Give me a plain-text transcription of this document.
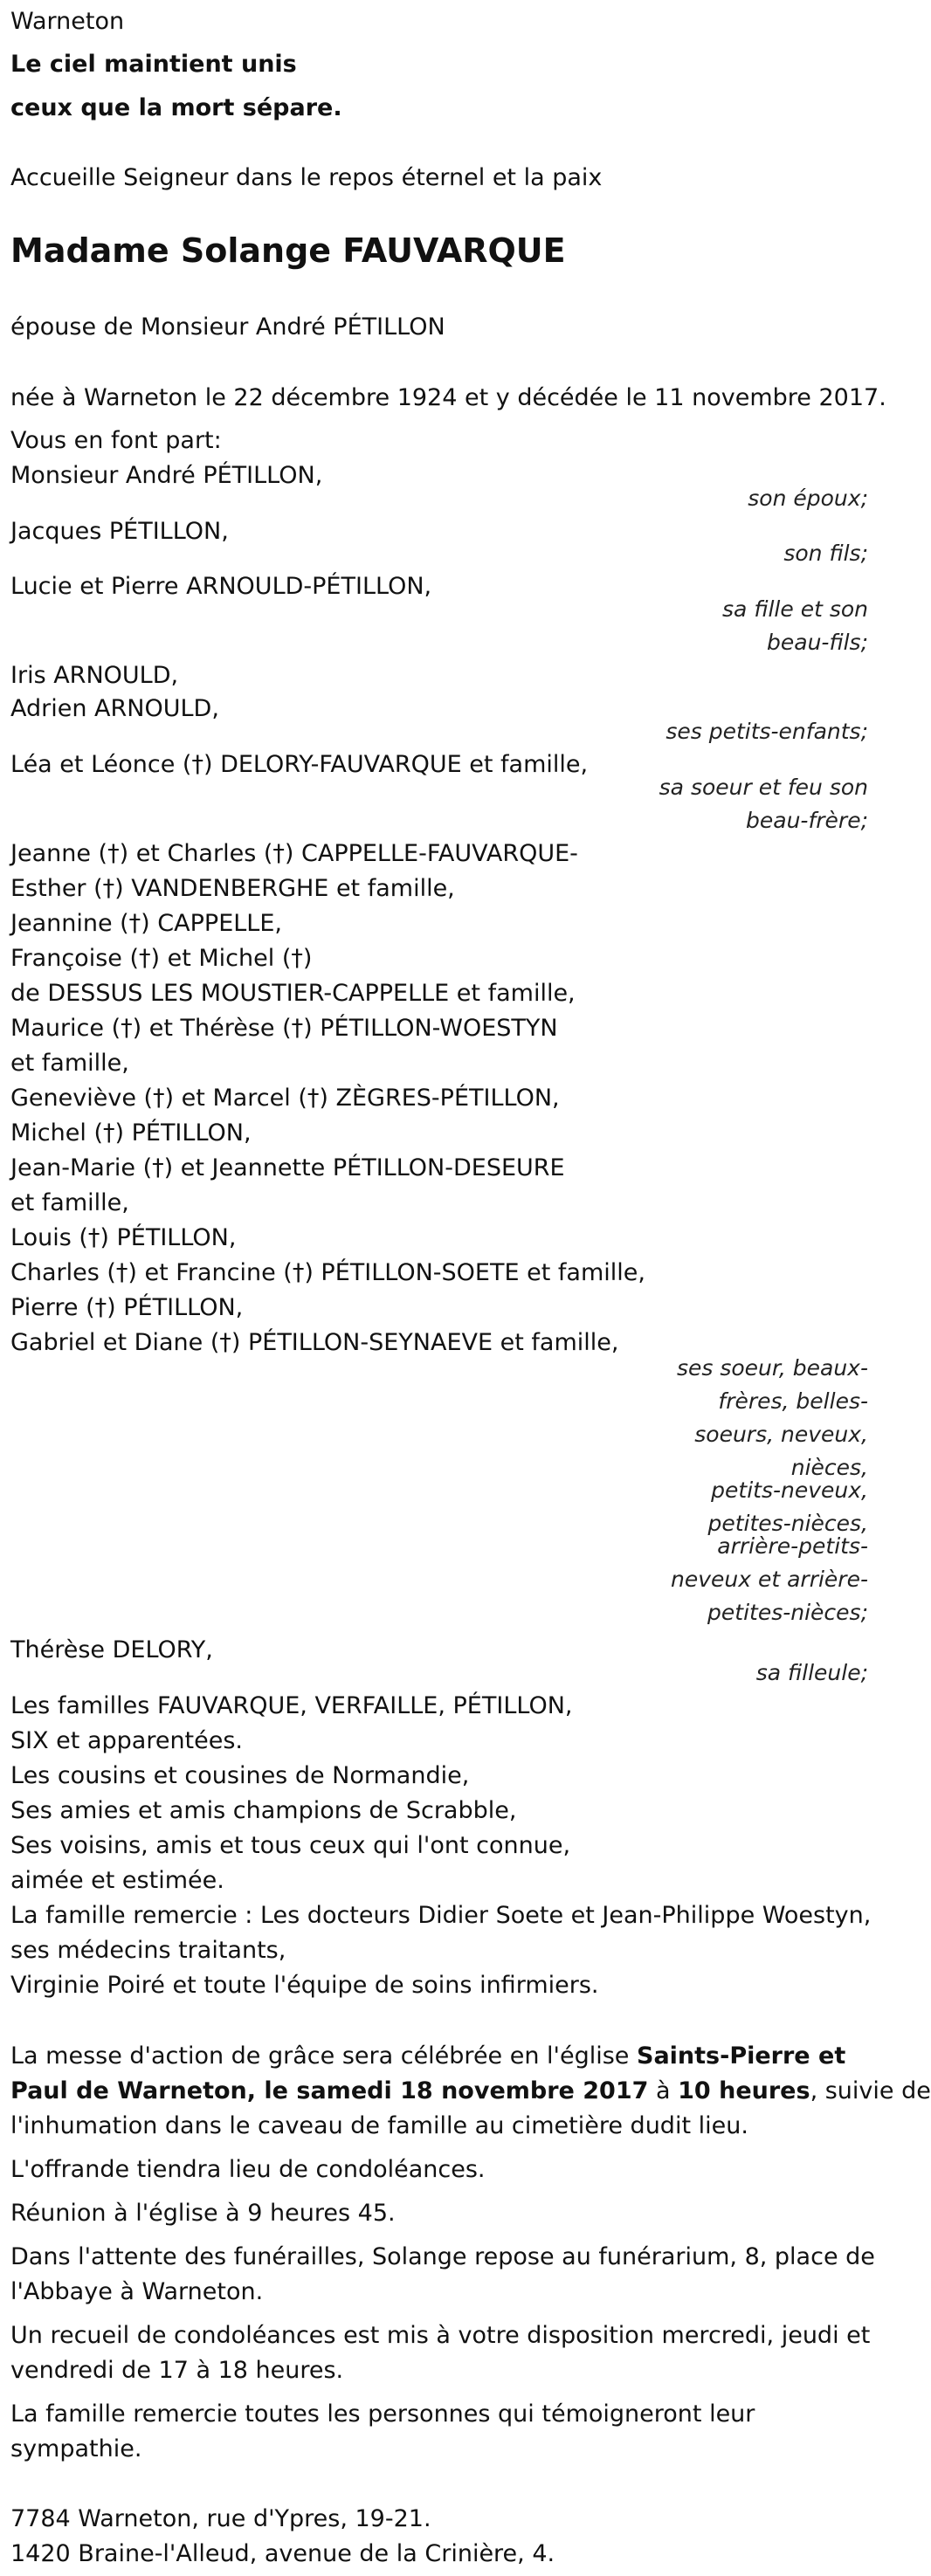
Warneton
Le ciel maintient unis
ceux que la mort sépare.
Accueille Seigneur dans le repos éternel et la paix
Madame Solange FAUVARQUE
épouse de Monsieur André PÉTILLON
née à Warneton le 22 décembre 1924 et y décédée le 11 novembre 2017.
Vous en font part:
Monsieur André PÉTILLON,
son époux;
Jacques PÉTILLON,
son fils;
Lucie et Pierre ARNOULD-PÉTILLON,
sa fille et son
beau-fils;
Iris ARNOULD,
Adrien ARNOULD,
ses petits-enfants;
Léa et Léonce (†) DELORY-FAUVARQUE et famille,
sa soeur et feu son
beau-frère;
Jeanne (†) et Charles (†) CAPPELLE-FAUVARQUE-
Esther (†) VANDENBERGHE et famille,
Jeannine (†) CAPPELLE,
Françoise (†) et Michel (†)
de DESSUS LES MOUSTIER-CAPPELLE et famille,
Maurice (†) et Thérèse (†) PÉTILLON-WOESTYN
et famille,
Geneviève (†) et Marcel (†) ZÈGRES-PÉTILLON,
Michel (†) PÉTILLON,
Jean-Marie (†) et Jeannette PÉTILLON-DESEURE
et famille,
Louis (†) PÉTILLON,
Charles (†) et Francine (†) PÉTILLON-SOETE et famille,
Pierre (†) PÉTILLON,
Gabriel et Diane (†) PÉTILLON-SEYNAEVE et famille,
ses soeur, beaux-
frères, belles-
soeurs, neveux,
nièces,
petits-neveux,
petites-nièces,
arrière-petits-
neveux et arrière-
petites-nièces;
Thérèse DELORY,
sa filleule;
Les familles FAUVARQUE, VERFAILLE, PÉTILLON,
SIX et apparentées.
Les cousins et cousines de Normandie,
Ses amies et amis champions de Scrabble,
Ses voisins, amis et tous ceux qui l'ont connue,
aimée et estimée.
La famille remercie : Les docteurs Didier Soete et Jean-Philippe Woestyn,
ses médecins traitants,
Virginie Poiré et toute l'équipe de soins infirmiers.
La messe d'action de grâce sera célébrée en l'église Saints-Pierre et
Paul de Warneton, le samedi 18 novembre 2017 à 10 heures, suivie de
l'inhumation dans le caveau de famille au cimetière dudit lieu.
L'offrande tiendra lieu de condoléances.
Réunion à l'église à 9 heures 45.
Dans l'attente des funérailles, Solange repose au funérarium, 8, place de
l'Abbaye à Warneton.
Un recueil de condoléances est mis à votre disposition mercredi, jeudi et
vendredi de 17 à 18 heures.
La famille remercie toutes les personnes qui témoigneront leur
sympathie.
7784 Warneton, rue d'Ypres, 19-21.
1420 Braine-l'Alleud, avenue de la Crinière, 4.
